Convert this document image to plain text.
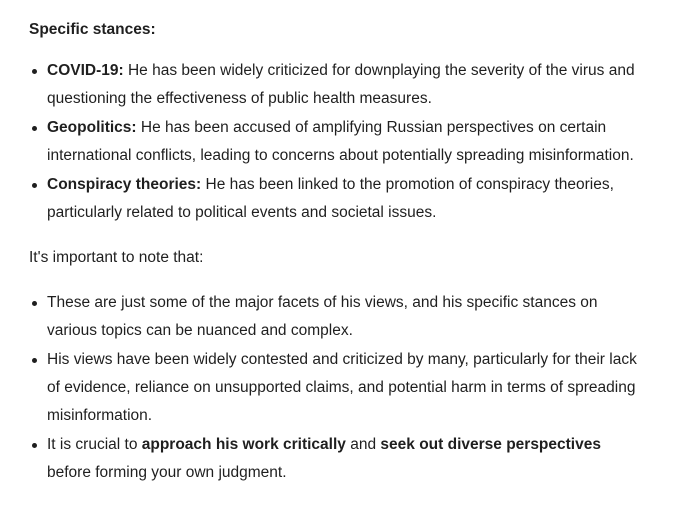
Specific stances:
COVID-19: He has been widely criticized for downplaying the severity of the virus and questioning the effectiveness of public health measures.
Geopolitics: He has been accused of amplifying Russian perspectives on certain international conflicts, leading to concerns about potentially spreading misinformation.
Conspiracy theories: He has been linked to the promotion of conspiracy theories, particularly related to political events and societal issues.
It's important to note that:
These are just some of the major facets of his views, and his specific stances on various topics can be nuanced and complex.
His views have been widely contested and criticized by many, particularly for their lack of evidence, reliance on unsupported claims, and potential harm in terms of spreading misinformation.
It is crucial to approach his work critically and seek out diverse perspectives before forming your own judgment.
